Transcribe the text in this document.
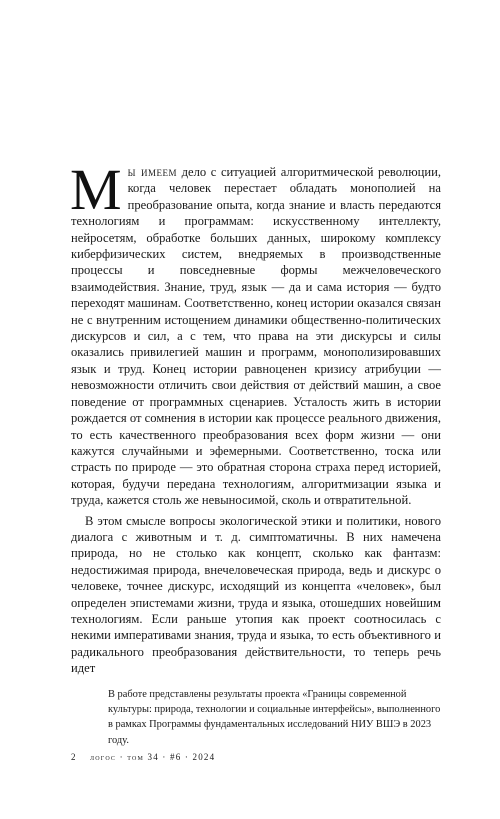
Мы имеем дело с ситуацией алгоритмической революции, когда человек перестает обладать монополией на преобразование опыта, когда знание и власть передаются технологиям и программам: искусственному интеллекту, нейросетям, обработке больших данных, широкому комплексу киберфизических систем, внедряемых в производственные процессы и повседневные формы межчеловеческого взаимодействия. Знание, труд, язык — да и сама история — будто переходят машинам. Соответственно, конец истории оказался связан не с внутренним истощением динамики общественно-политических дискурсов и сил, а с тем, что права на эти дискурсы и силы оказались привилегией машин и программ, монополизировавших язык и труд. Конец истории равноценен кризису атрибуции — невозможности отличить свои действия от действий машин, а свое поведение от программных сценариев. Усталость жить в истории рождается от сомнения в истории как процессе реального движения, то есть качественного преобразования всех форм жизни — они кажутся случайными и эфемерными. Соответственно, тоска или страсть по природе — это обратная сторона страха перед историей, которая, будучи передана технологиям, алгоритмизации языка и труда, кажется столь же невыносимой, сколь и отвратительной.

В этом смысле вопросы экологической этики и политики, нового диалога с животным и т. д. симптоматичны. В них намечена природа, но не столько как концепт, сколько как фантазм: недостижимая природа, внечеловеческая природа, ведь и дискурс о человеке, точнее дискурс, исходящий из концепта «человек», был определен эпистемами жизни, труда и языка, отошедших новейшим технологиям. Если раньше утопия как проект соотносилась с некими императивами знания, труда и языка, то есть объективного и радикального преобразования действительности, то теперь речь идет

В работе представлены результаты проекта «Границы современной культуры: природа, технологии и социальные интерфейсы», выполненного в рамках Программы фундаментальных исследований НИУ ВШЭ в 2023 году.
2 логос · том 34 · #6 · 2024
